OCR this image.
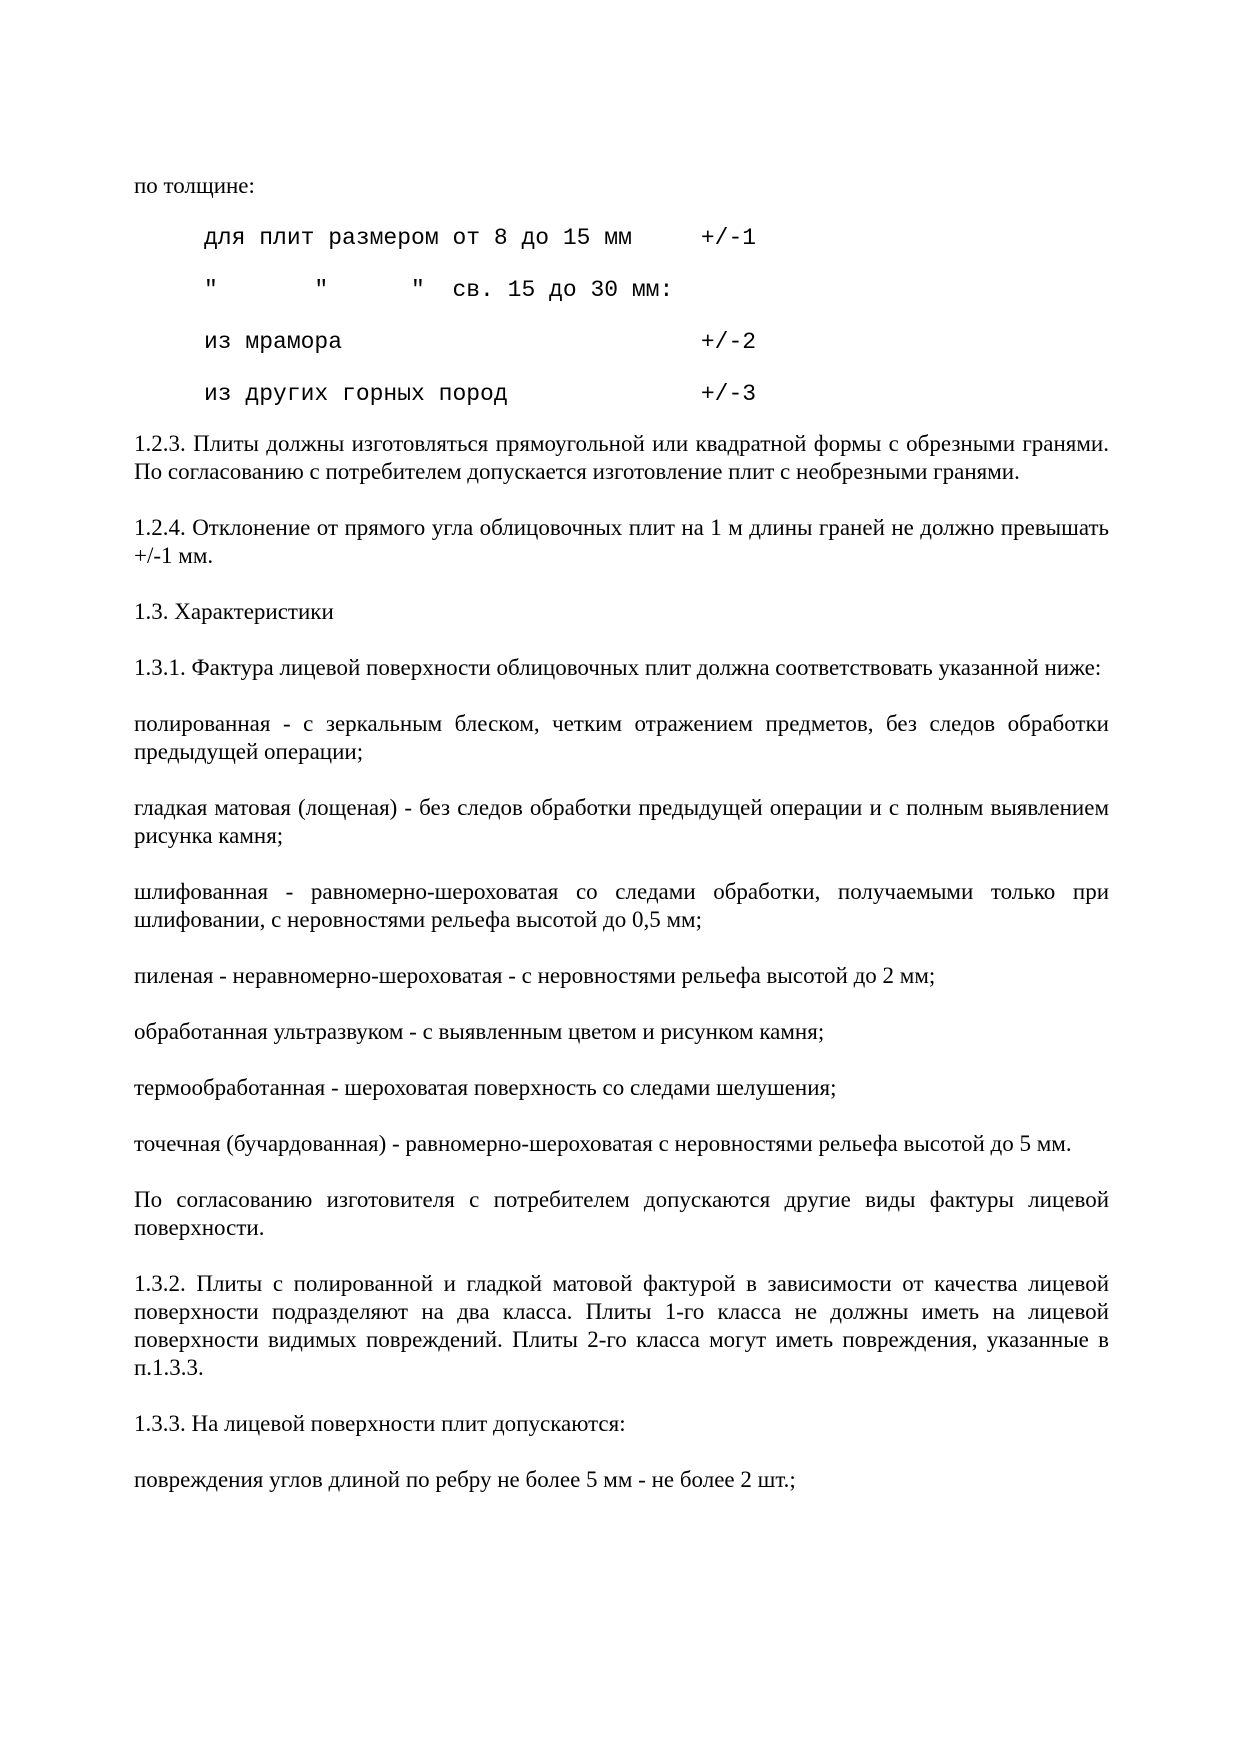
по толщине:

для плит размером от 8 до 15 мм     +/-1
"       "      "  св. 15 до 30 мм:
из мрамора                          +/-2
из других горных пород              +/-3

1.2.3. Плиты должны изготовляться прямоугольной или квадратной формы с обрезными гранями. По согласованию с потребителем допускается изготовление плит с необрезными гранями.

1.2.4. Отклонение от прямого угла облицовочных плит на 1 м длины граней не должно превышать +/-1 мм.

1.3. Характеристики

1.3.1. Фактура лицевой поверхности облицовочных плит должна соответствовать указанной ниже:

полированная - с зеркальным блеском, четким отражением предметов, без следов обработки предыдущей операции;

гладкая матовая (лощеная) - без следов обработки предыдущей операции и с полным выявлением рисунка камня;

шлифованная - равномерно-шероховатая со следами обработки, получаемыми только при шлифовании, с неровностями рельефа высотой до 0,5 мм;

пиленая - неравномерно-шероховатая - с неровностями рельефа высотой до 2 мм;

обработанная ультразвуком - с выявленным цветом и рисунком камня;

термообработанная - шероховатая поверхность со следами шелушения;

точечная (бучардованная) - равномерно-шероховатая с неровностями рельефа высотой до 5 мм.

По согласованию изготовителя с потребителем допускаются другие виды фактуры лицевой поверхности.

1.3.2. Плиты с полированной и гладкой матовой фактурой в зависимости от качества лицевой поверхности подразделяют на два класса. Плиты 1-го класса не должны иметь на лицевой поверхности видимых повреждений. Плиты 2-го класса могут иметь повреждения, указанные в п.1.3.3.

1.3.3. На лицевой поверхности плит допускаются:

повреждения углов длиной по ребру не более 5 мм - не более 2 шт.;
